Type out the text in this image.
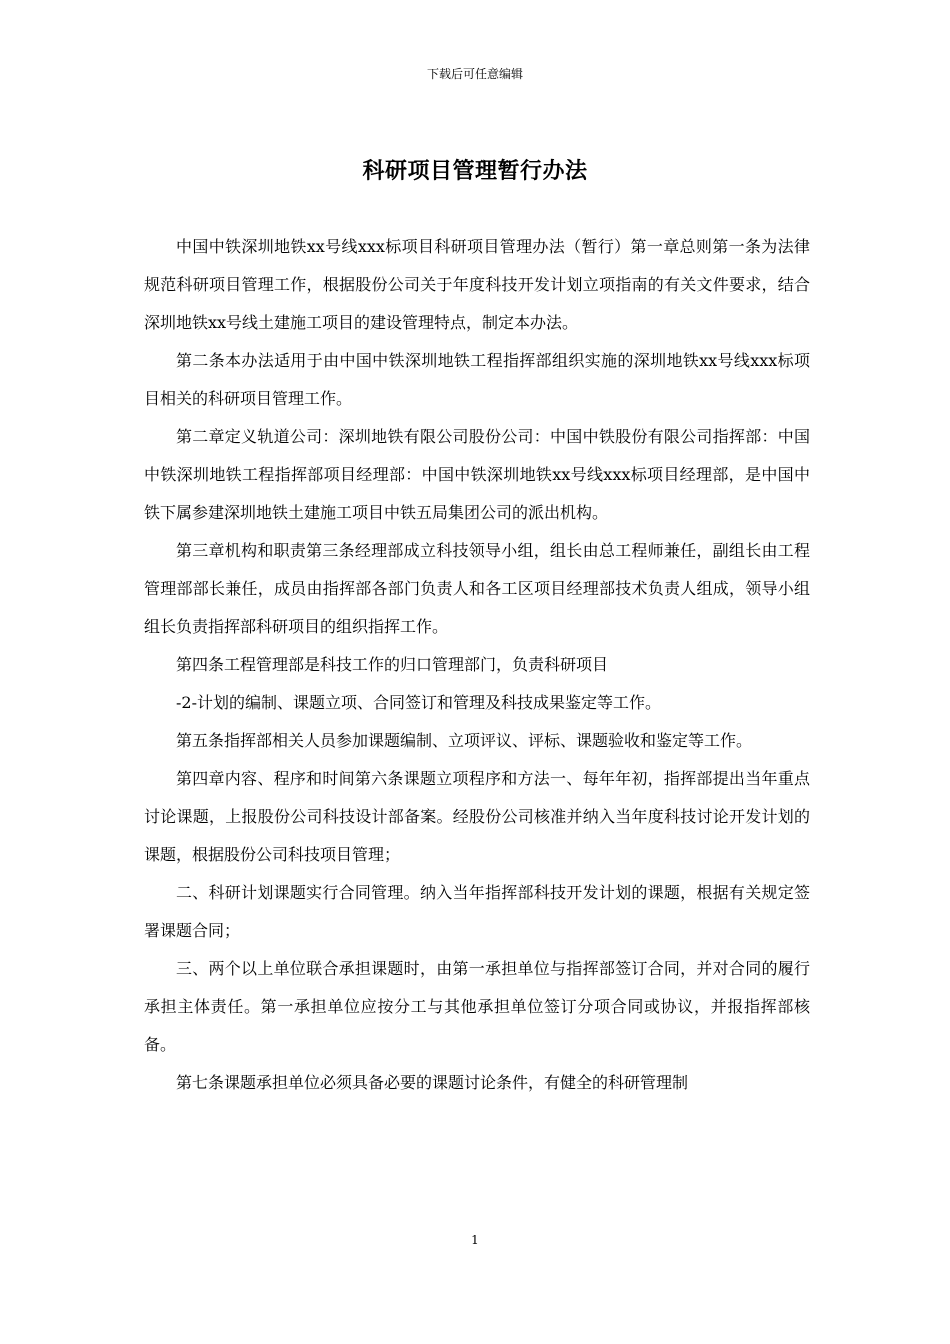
下载后可任意编辑
科研项目管理暂行办法

中国中铁深圳地铁xx号线xxx标项目科研项目管理办法（暂行）第一章总则第一条为法律规范科研项目管理工作，根据股份公司关于年度科技开发计划立项指南的有关文件要求，结合深圳地铁xx号线土建施工项目的建设管理特点，制定本办法。

第二条本办法适用于由中国中铁深圳地铁工程指挥部组织实施的深圳地铁xx号线xxx标项目相关的科研项目管理工作。

第二章定义轨道公司：深圳地铁有限公司股份公司：中国中铁股份有限公司指挥部：中国中铁深圳地铁工程指挥部项目经理部：中国中铁深圳地铁xx号线xxx标项目经理部，是中国中铁下属参建深圳地铁土建施工项目中铁五局集团公司的派出机构。

第三章机构和职责第三条经理部成立科技领导小组，组长由总工程师兼任，副组长由工程管理部部长兼任，成员由指挥部各部门负责人和各工区项目经理部技术负责人组成，领导小组组长负责指挥部科研项目的组织指挥工作。

第四条工程管理部是科技工作的归口管理部门，负责科研项目

-2-计划的编制、课题立项、合同签订和管理及科技成果鉴定等工作。

第五条指挥部相关人员参加课题编制、立项评议、评标、课题验收和鉴定等工作。

第四章内容、程序和时间第六条课题立项程序和方法一、每年年初，指挥部提出当年重点讨论课题，上报股份公司科技设计部备案。经股份公司核准并纳入当年度科技讨论开发计划的课题，根据股份公司科技项目管理；

二、科研计划课题实行合同管理。纳入当年指挥部科技开发计划的课题，根据有关规定签署课题合同；

三、两个以上单位联合承担课题时，由第一承担单位与指挥部签订合同，并对合同的履行承担主体责任。第一承担单位应按分工与其他承担单位签订分项合同或协议，并报指挥部核备。

第七条课题承担单位必须具备必要的课题讨论条件，有健全的科研管理制

1
